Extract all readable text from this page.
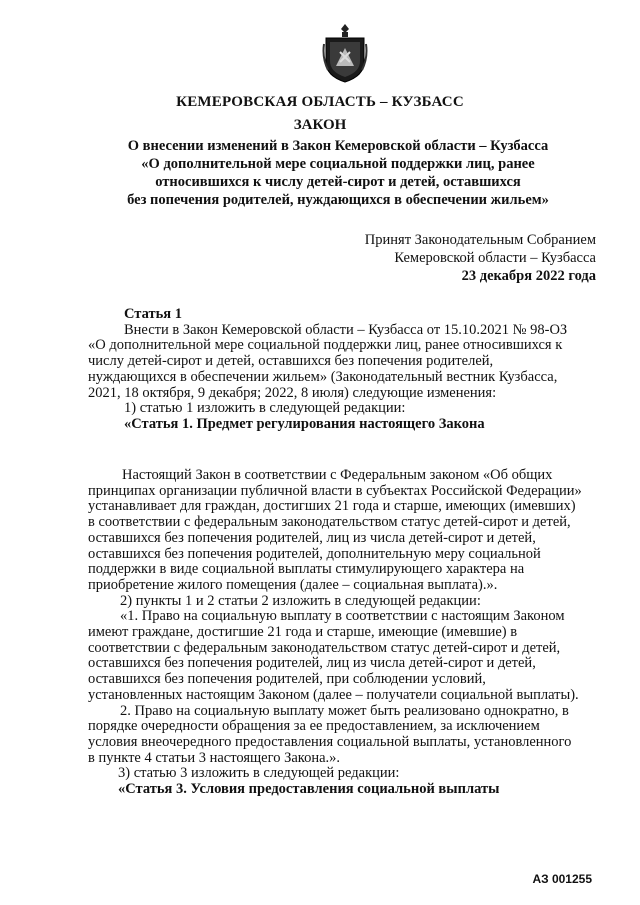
КЕМЕРОВСКАЯ ОБЛАСТЬ – КУЗБАСС
ЗАКОН
О внесении изменений в Закон Кемеровской области – Кузбасса
«О дополнительной мере социальной поддержки лиц, ранее
относившихся к числу детей-сирот и детей, оставшихся
без попечения родителей, нуждающихся в обеспечении жильем»
Принят Законодательным Собранием
Кемеровской области – Кузбасса
23 декабря 2022 года
Статья 1
Внести в Закон Кемеровской области – Кузбасса от 15.10.2021 № 98-ОЗ
«О дополнительной мере социальной поддержки лиц, ранее относившихся к
числу детей-сирот и детей, оставшихся без попечения родителей,
нуждающихся в обеспечении жильем» (Законодательный вестник Кузбасса,
2021, 18 октября, 9 декабря; 2022, 8 июля) следующие изменения:
1) статью 1 изложить в следующей редакции:
«Статья 1. Предмет регулирования настоящего Закона
Настоящий Закон в соответствии с Федеральным законом «Об общих
принципах организации публичной власти в субъектах Российской Федерации»
устанавливает для граждан, достигших 21 года и старше, имеющих (имевших)
в соответствии с федеральным законодательством статус детей-сирот и детей,
оставшихся без попечения родителей, лиц из числа детей-сирот и детей,
оставшихся без попечения родителей, дополнительную меру социальной
поддержки в виде социальной выплаты стимулирующего характера на
приобретение жилого помещения (далее – социальная выплата).».
2) пункты 1 и 2 статьи 2 изложить в следующей редакции:
«1. Право на социальную выплату в соответствии с настоящим Законом
имеют граждане, достигшие 21 года и старше, имеющие (имевшие) в
соответствии с федеральным законодательством статус детей-сирот и детей,
оставшихся без попечения родителей, лиц из числа детей-сирот и детей,
оставшихся без попечения родителей, при соблюдении условий,
установленных настоящим Законом (далее – получатели социальной выплаты).
2. Право на социальную выплату может быть реализовано однократно, в
порядке очередности обращения за ее предоставлением, за исключением
условия внеочередного предоставления социальной выплаты, установленного
в пункте 4 статьи 3 настоящего Закона.».
3) статью 3 изложить в следующей редакции:
«Статья 3. Условия предоставления социальной выплаты
АЗ 001255
